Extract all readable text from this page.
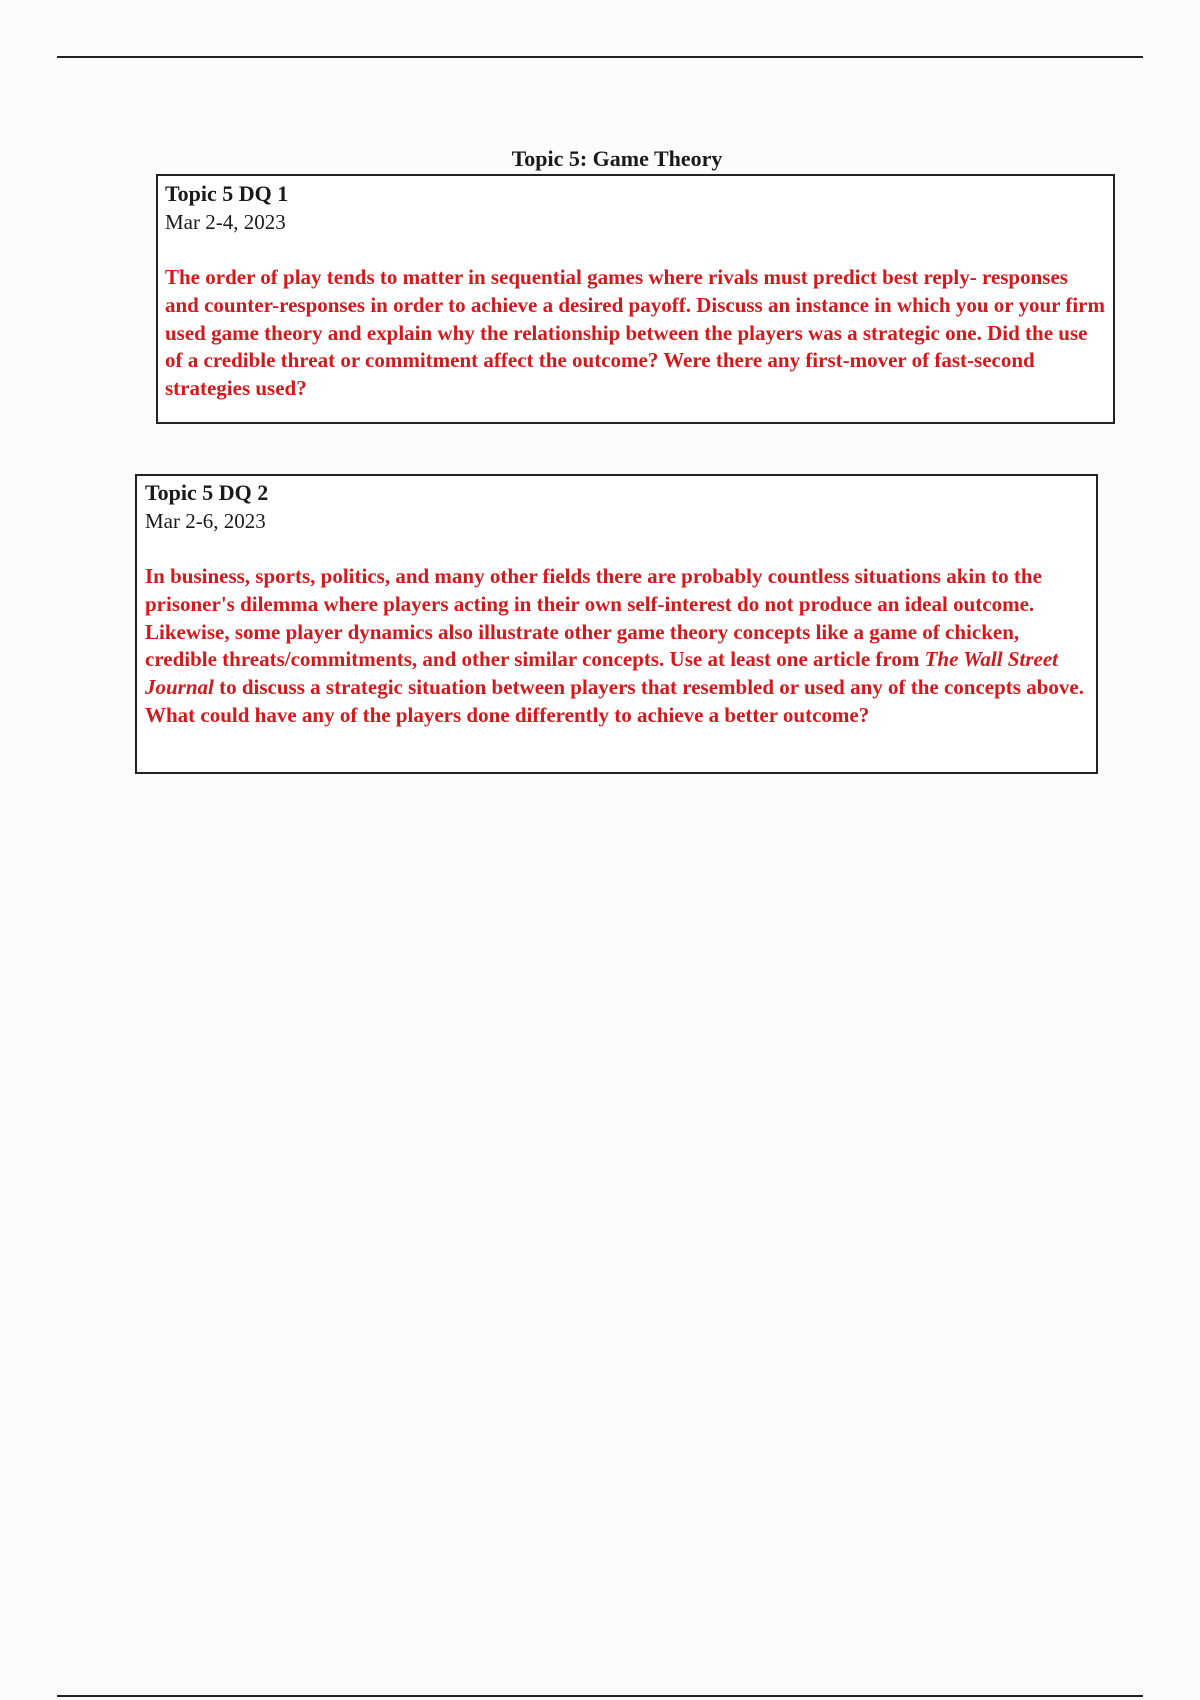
Topic 5: Game Theory
Topic 5 DQ 1
Mar 2-4, 2023
The order of play tends to matter in sequential games where rivals must predict best reply- responses and counter-responses in order to achieve a desired payoff. Discuss an instance in which you or your firm used game theory and explain why the relationship between the players was a strategic one. Did the use of a credible threat or commitment affect the outcome? Were there any first-mover of fast-second strategies used?
Topic 5 DQ 2
Mar 2-6, 2023
In business, sports, politics, and many other fields there are probably countless situations akin to the prisoner's dilemma where players acting in their own self-interest do not produce an ideal outcome. Likewise, some player dynamics also illustrate other game theory concepts like a game of chicken, credible threats/commitments, and other similar concepts. Use at least one article from The Wall Street Journal to discuss a strategic situation between players that resembled or used any of the concepts above. What could have any of the players done differently to achieve a better outcome?
